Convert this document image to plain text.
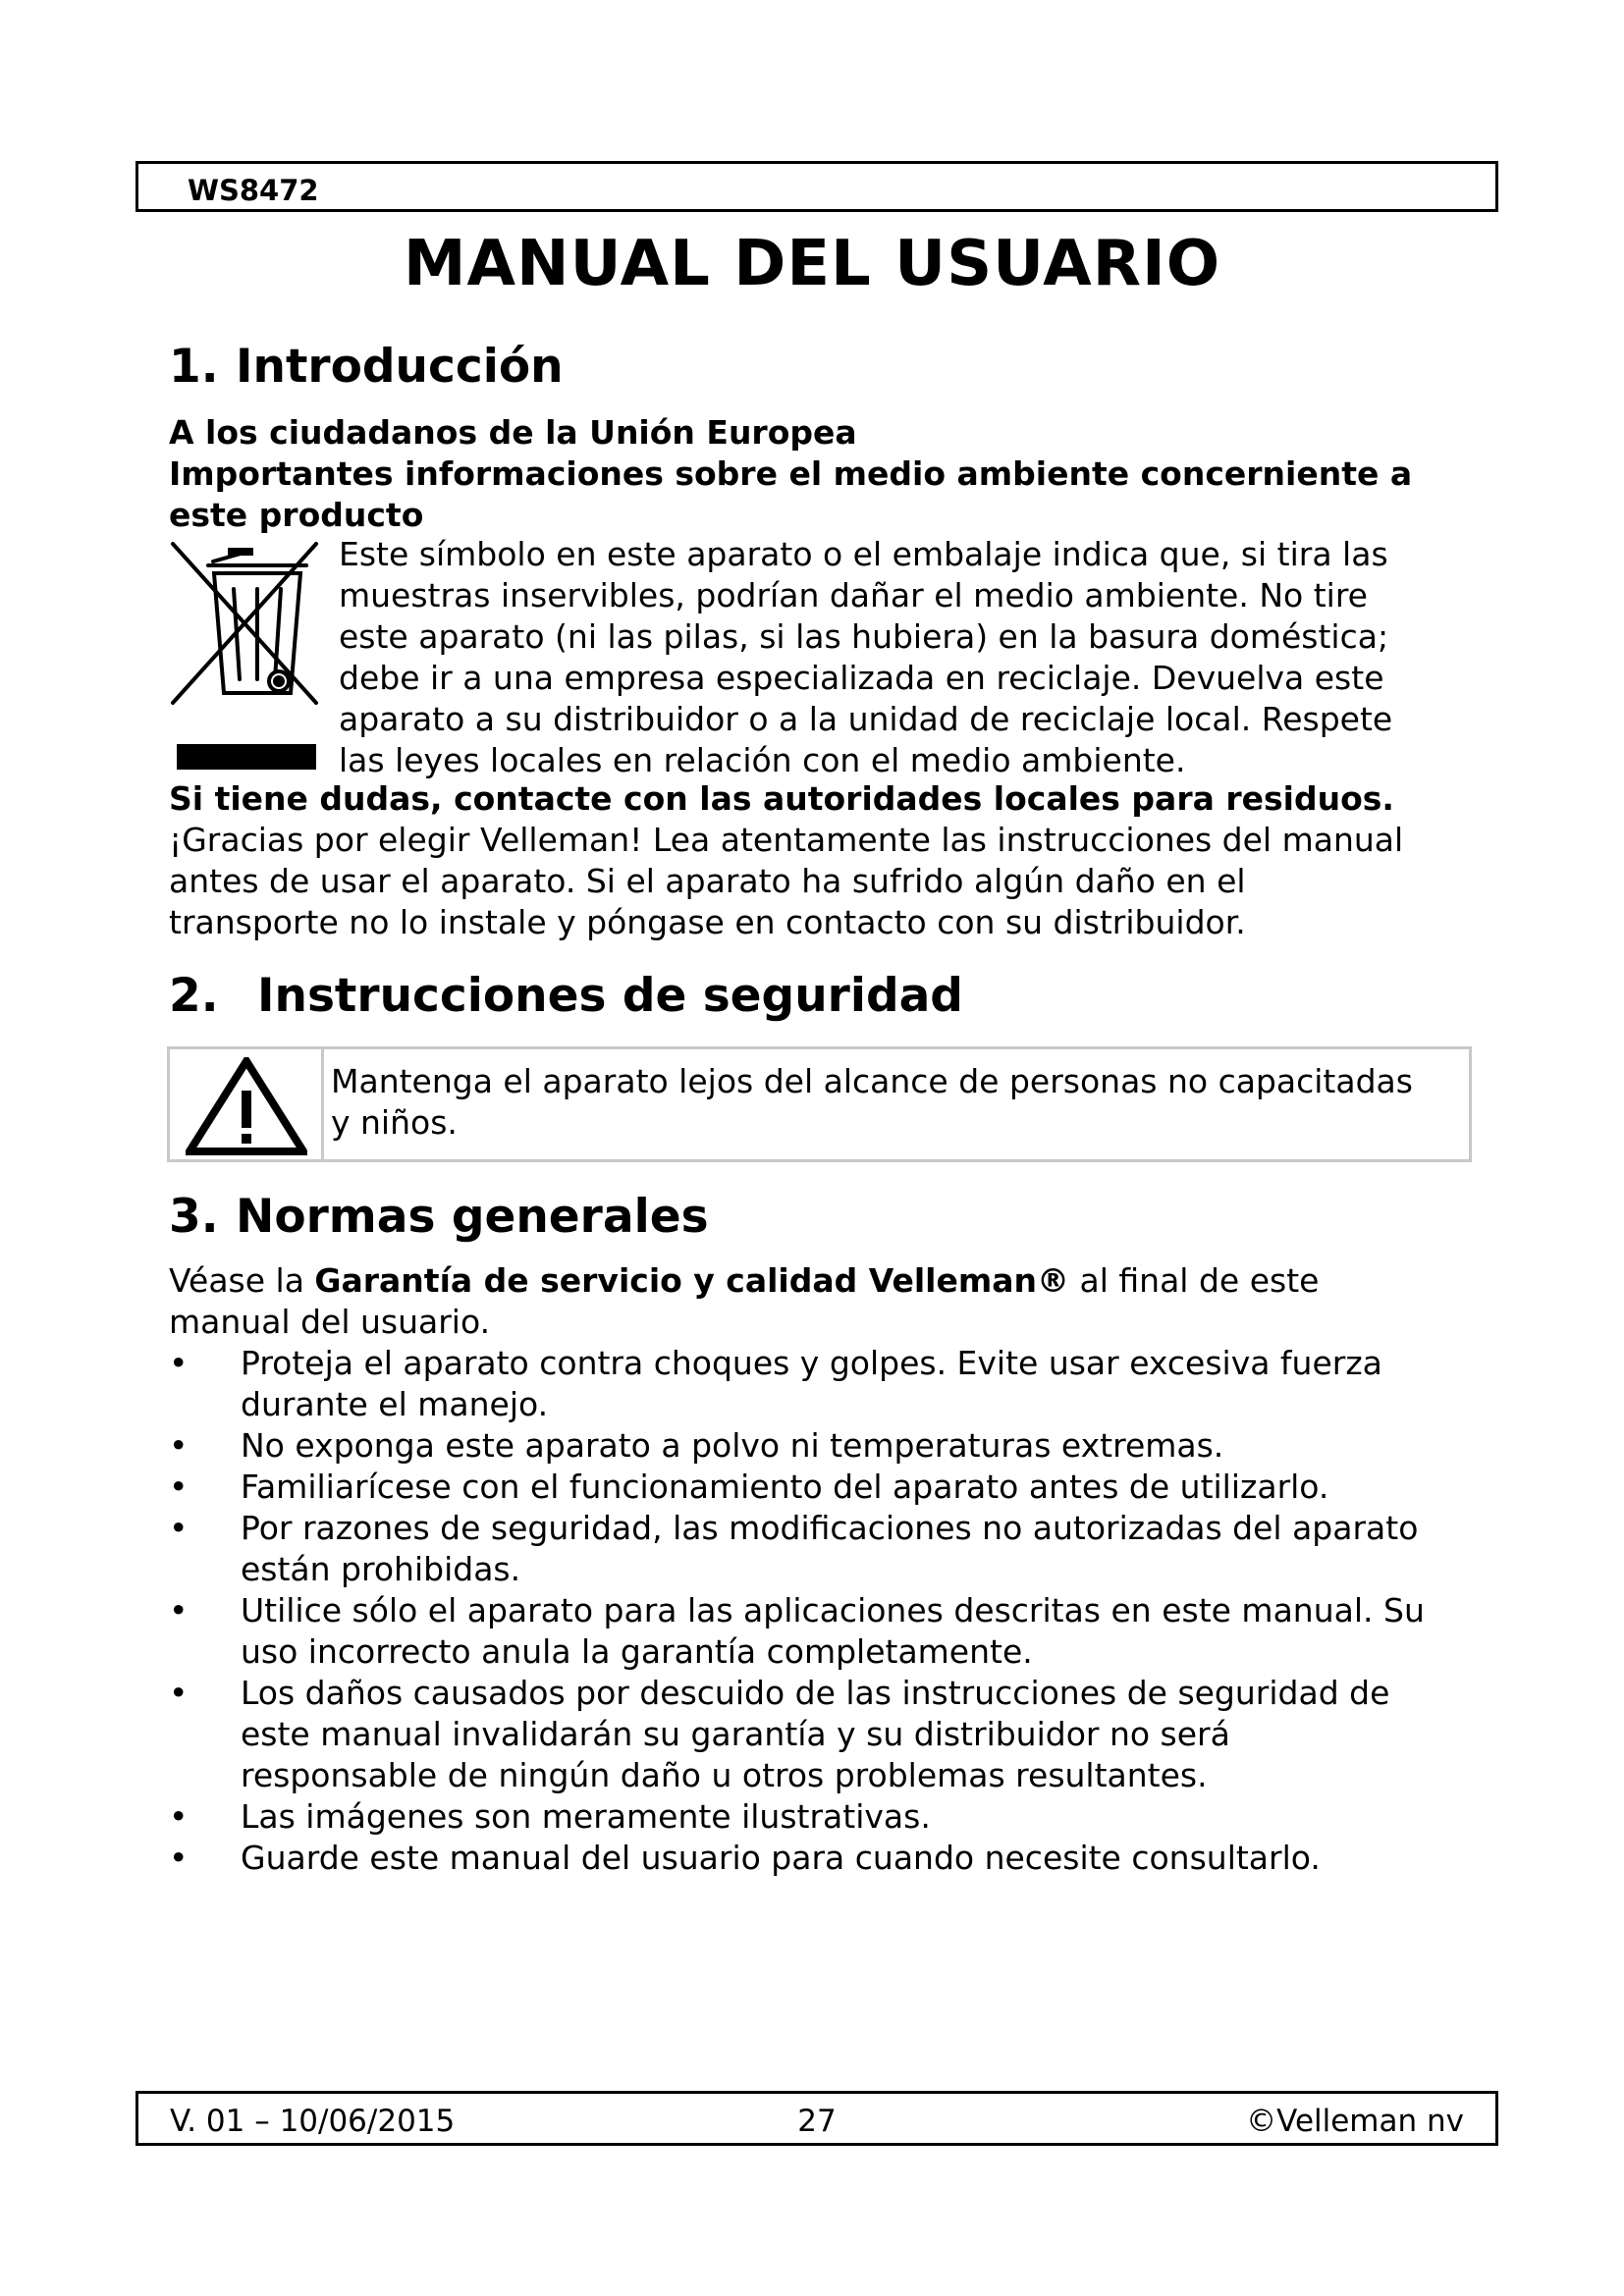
WS8472
MANUAL DEL USUARIO
1. Introducción
A los ciudadanos de la Unión Europea
Importantes informaciones sobre el medio ambiente concerniente a
este producto
Este símbolo en este aparato o el embalaje indica que, si tira las
muestras inservibles, podrían dañar el medio ambiente. No tire
este aparato (ni las pilas, si las hubiera) en la basura doméstica;
debe ir a una empresa especializada en reciclaje. Devuelva este
aparato a su distribuidor o a la unidad de reciclaje local. Respete
las leyes locales en relación con el medio ambiente.
Si tiene dudas, contacte con las autoridades locales para residuos.
¡Gracias por elegir Velleman! Lea atentamente las instrucciones del manual
antes de usar el aparato. Si el aparato ha sufrido algún daño en el
transporte no lo instale y póngase en contacto con su distribuidor.
2. Instrucciones de seguridad
Mantenga el aparato lejos del alcance de personas no capacitadas
y niños.
3. Normas generales
Véase la Garantía de servicio y calidad Velleman® al final de este
manual del usuario.
• Proteja el aparato contra choques y golpes. Evite usar excesiva fuerza
durante el manejo.
• No exponga este aparato a polvo ni temperaturas extremas.
• Familiarícese con el funcionamiento del aparato antes de utilizarlo.
• Por razones de seguridad, las modificaciones no autorizadas del aparato
están prohibidas.
• Utilice sólo el aparato para las aplicaciones descritas en este manual. Su
uso incorrecto anula la garantía completamente.
• Los daños causados por descuido de las instrucciones de seguridad de
este manual invalidarán su garantía y su distribuidor no será
responsable de ningún daño u otros problemas resultantes.
• Las imágenes son meramente ilustrativas.
• Guarde este manual del usuario para cuando necesite consultarlo.
V. 01 – 10/06/2015	27	©Velleman nv
